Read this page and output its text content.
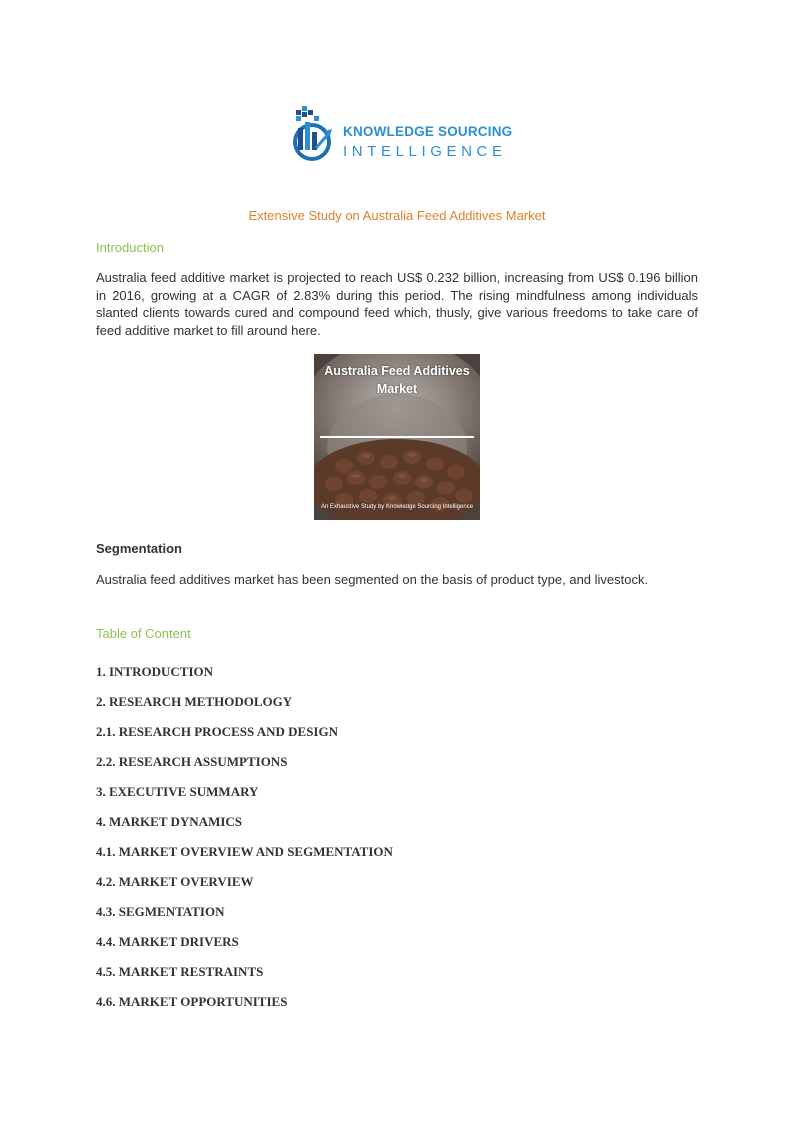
KNOWLEDGE SOURCING
INTELLIGENCE
Extensive Study on Australia Feed Additives Market
Introduction

Australia feed additive market is projected to reach US$ 0.232 billion, increasing from US$ 0.196 billion in 2016, growing at a CAGR of 2.83% during this period. The rising mindfulness among individuals slanted clients towards cured and compound feed which, thusly, give various freedoms to take care of feed additive market to fill around here.

Australia Feed Additives Market
An Exhaustive Study by Knowledge Sourcing Intelligence
Segmentation

Australia feed additives market has been segmented on the basis of product type, and livestock.

Table of Content
1. INTRODUCTION
2. RESEARCH METHODOLOGY
2.1. RESEARCH PROCESS AND DESIGN
2.2. RESEARCH ASSUMPTIONS
3. EXECUTIVE SUMMARY
4. MARKET DYNAMICS
4.1. MARKET OVERVIEW AND SEGMENTATION
4.2. MARKET OVERVIEW
4.3. SEGMENTATION
4.4. MARKET DRIVERS
4.5. MARKET RESTRAINTS
4.6. MARKET OPPORTUNITIES
